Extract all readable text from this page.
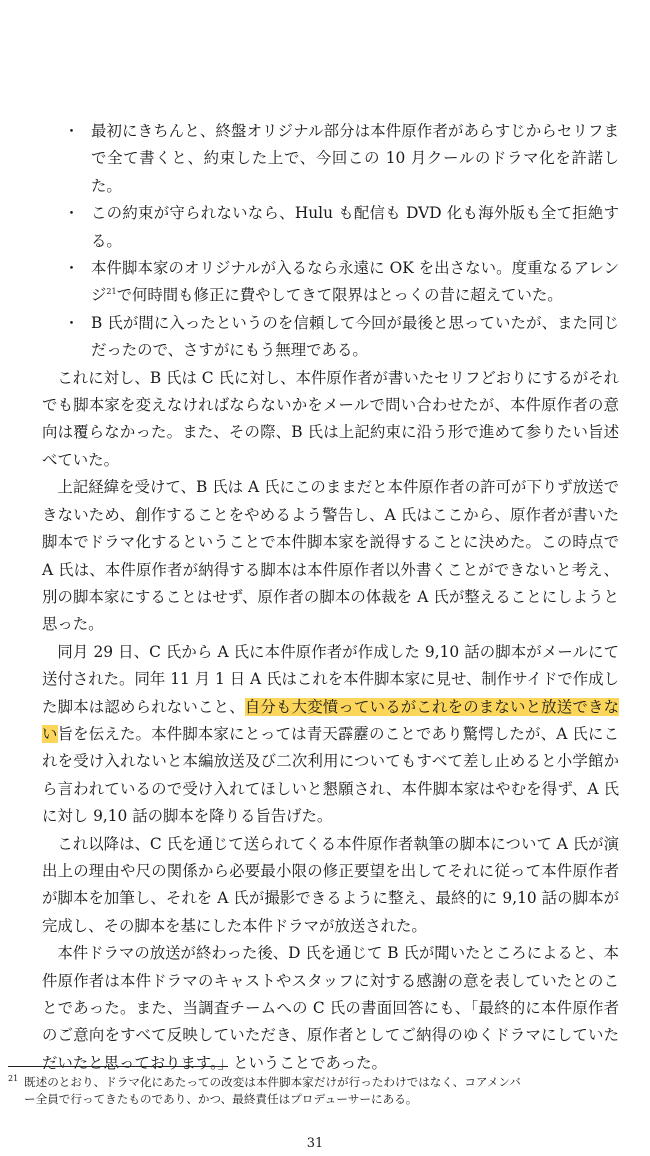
・ 最初にきちんと、終盤オリジナル部分は本件原作者があらすじからセリフまで全て書くと、約束した上で、今回この 10 月クールのドラマ化を許諾した。
・ この約束が守られないなら、Hulu も配信も DVD 化も海外版も全て拒絶する。
・ 本件脚本家のオリジナルが入るなら永遠に OK を出さない。度重なるアレンジ$^{21}$で何時間も修正に費やしてきて限界はとっくの昔に超えていた。
・ B 氏が間に入ったというのを信頼して今回が最後と思っていたが、また同じだったので、さすがにもう無理である。

これに対し、B 氏は C 氏に対し、本件原作者が書いたセリフどおりにするがそれでも脚本家を変えなければならないかをメールで問い合わせたが、本件原作者の意向は覆らなかった。また、その際、B 氏は上記約束に沿う形で進めて参りたい旨述べていた。

上記経緯を受けて、B 氏は A 氏にこのままだと本件原作者の許可が下りず放送できないため、創作することをやめるよう警告し、A 氏はここから、原作者が書いた脚本でドラマ化するということで本件脚本家を説得することに決めた。この時点で A 氏は、本件原作者が納得する脚本は本件原作者以外書くことができないと考え、別の脚本家にすることはせず、原作者の脚本の体裁を A 氏が整えることにしようと思った。

同月 29 日、C 氏から A 氏に本件原作者が作成した 9,10 話の脚本がメールにて送付された。同年 11 月 1 日 A 氏はこれを本件脚本家に見せ、制作サイドで作成した脚本は認められないこと、自分も大変憤っているがこれをのまないと放送できない旨を伝えた。本件脚本家にとっては青天霹靂のことであり驚愕したが、A 氏にこれを受け入れないと本編放送及び二次利用についてもすべて差し止めると小学館から言われているので受け入れてほしいと懇願され、本件脚本家はやむを得ず、A 氏に対し 9,10 話の脚本を降りる旨告げた。

これ以降は、C 氏を通じて送られてくる本件原作者執筆の脚本について A 氏が演出上の理由や尺の関係から必要最小限の修正要望を出してそれに従って本件原作者が脚本を加筆し、それを A 氏が撮影できるように整え、最終的に 9,10 話の脚本が完成し、その脚本を基にした本件ドラマが放送された。

本件ドラマの放送が終わった後、D 氏を通じて B 氏が聞いたところによると、本件原作者は本件ドラマのキャストやスタッフに対する感謝の意を表していたとのことであった。また、当調査チームへの C 氏の書面回答にも、「最終的に本件原作者のご意向をすべて反映していただき、原作者としてご納得のゆくドラマにしていただいたと思っております。」ということであった。

21 既述のとおり、ドラマ化にあたっての改変は本件脚本家だけが行ったわけではなく、コアメンバ
ー全員で行ってきたものであり、かつ、最終責任はプロデューサーにある。
31
